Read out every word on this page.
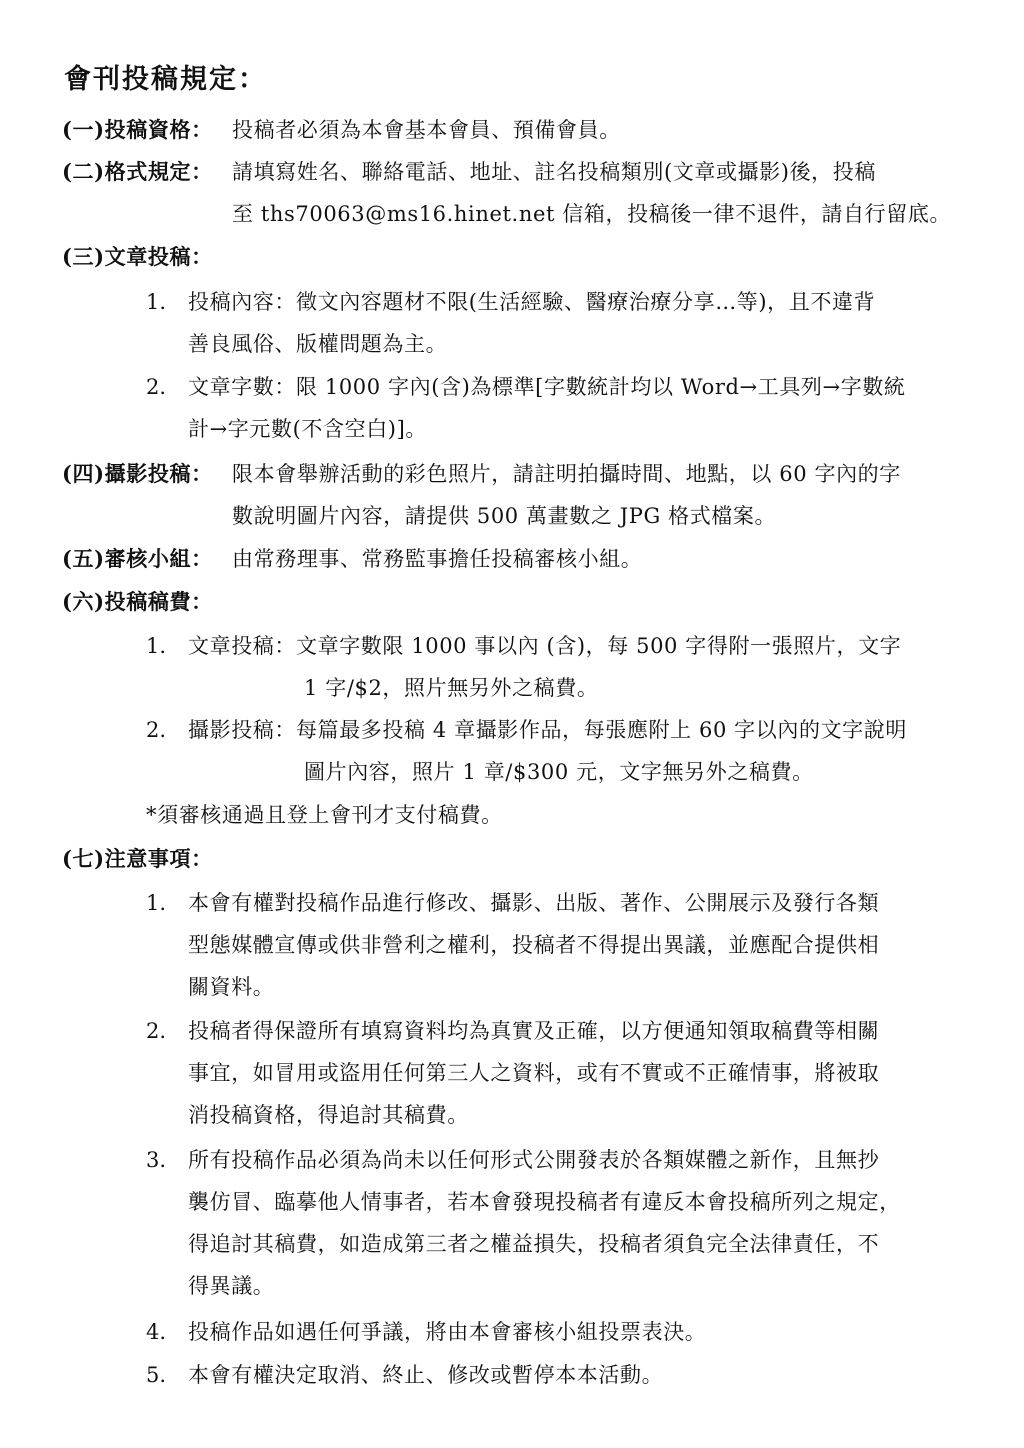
會刊投稿規定：
(一)投稿資格： 投稿者必須為本會基本會員、預備會員。
(二)格式規定： 請填寫姓名、聯絡電話、地址、註名投稿類別(文章或攝影)後，投稿
至 ths70063@ms16.hinet.net 信箱，投稿後一律不退件，請自行留底。
(三)文章投稿：
1. 投稿內容：徵文內容題材不限(生活經驗、醫療治療分享…等)，且不違背
善良風俗、版權問題為主。
2. 文章字數：限 1000 字內(含)為標準[字數統計均以 Word→工具列→字數統
計→字元數(不含空白)]。
(四)攝影投稿： 限本會舉辦活動的彩色照片，請註明拍攝時間、地點，以 60 字內的字
數說明圖片內容，請提供 500 萬畫數之 JPG 格式檔案。
(五)審核小組： 由常務理事、常務監事擔任投稿審核小組。
(六)投稿稿費：
1. 文章投稿：文章字數限 1000 事以內 (含)，每 500 字得附一張照片，文字
1 字/$2，照片無另外之稿費。
2. 攝影投稿：每篇最多投稿 4 章攝影作品，每張應附上 60 字以內的文字說明
圖片內容，照片 1 章/$300 元，文字無另外之稿費。
*須審核通過且登上會刊才支付稿費。
(七)注意事項：
1. 本會有權對投稿作品進行修改、攝影、出版、著作、公開展示及發行各類
型態媒體宣傳或供非營利之權利，投稿者不得提出異議，並應配合提供相
關資料。
2. 投稿者得保證所有填寫資料均為真實及正確，以方便通知領取稿費等相關
事宜，如冒用或盜用任何第三人之資料，或有不實或不正確情事，將被取
消投稿資格，得追討其稿費。
3. 所有投稿作品必須為尚未以任何形式公開發表於各類媒體之新作，且無抄
襲仿冒、臨摹他人情事者，若本會發現投稿者有違反本會投稿所列之規定，
得追討其稿費，如造成第三者之權益損失，投稿者須負完全法律責任，不
得異議。
4. 投稿作品如遇任何爭議，將由本會審核小組投票表決。
5. 本會有權決定取消、終止、修改或暫停本本活動。
